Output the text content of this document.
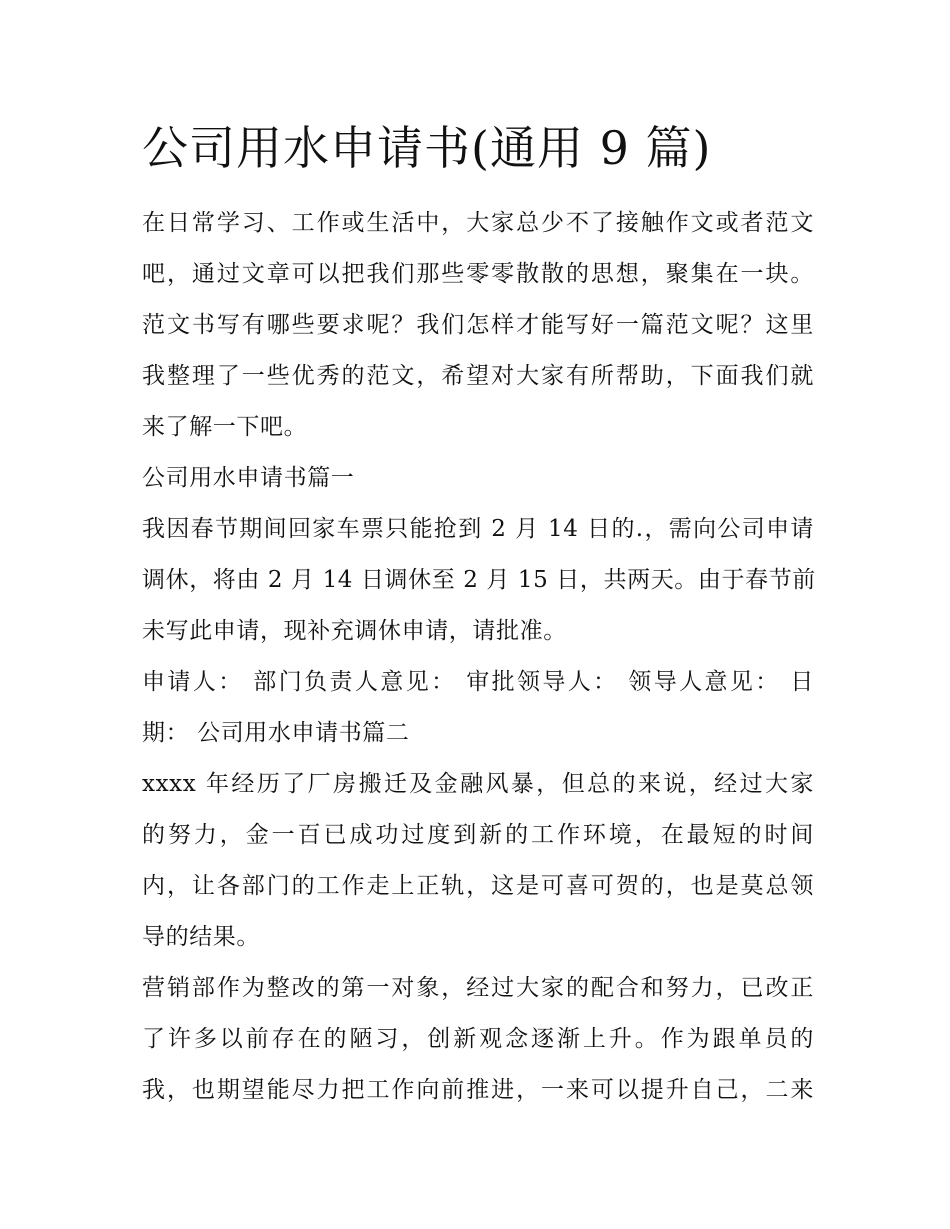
公司用水申请书(通用 9 篇)
在日常学习、工作或生活中，大家总少不了接触作文或者范文
吧，通过文章可以把我们那些零零散散的思想，聚集在一块。
范文书写有哪些要求呢？我们怎样才能写好一篇范文呢？这里
我整理了一些优秀的范文，希望对大家有所帮助，下面我们就
来了解一下吧。
公司用水申请书篇一
我因春节期间回家车票只能抢到 2 月 14 日的.，需向公司申请
调休，将由 2 月 14 日调休至 2 月 15 日，共两天。由于春节前
未写此申请，现补充调休申请，请批准。
申请人： 部门负责人意见： 审批领导人： 领导人意见： 日
期： 公司用水申请书篇二
xxxx 年经历了厂房搬迁及金融风暴，但总的来说，经过大家
的努力，金一百已成功过度到新的工作环境，在最短的时间
内，让各部门的工作走上正轨，这是可喜可贺的，也是莫总领
导的结果。
营销部作为整改的第一对象，经过大家的配合和努力，已改正
了许多以前存在的陋习，创新观念逐渐上升。作为跟单员的
我，也期望能尽力把工作向前推进，一来可以提升自己，二来
